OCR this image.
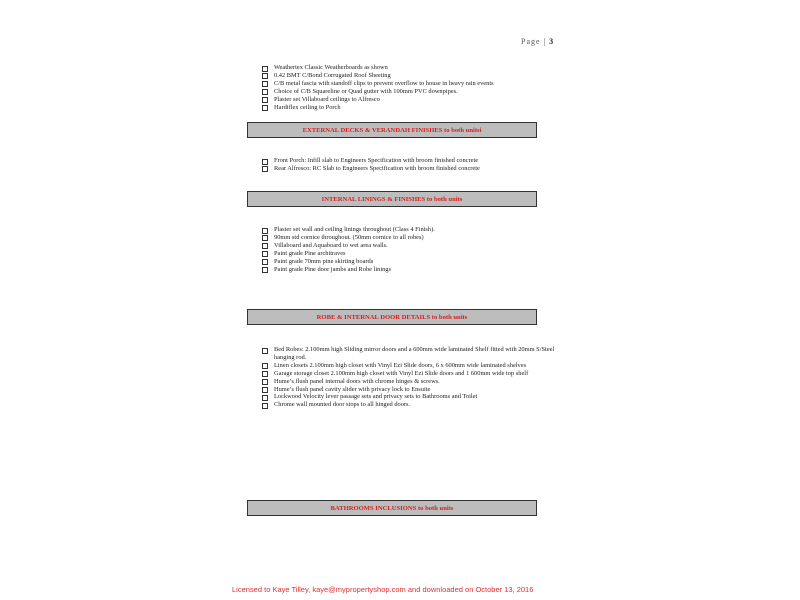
Page | 3
Weathertex Classic Weatherboards as shown
0.42 BMT C/Bond Corrugated Roof Sheeting
C/B metal fascia with standoff clips to prevent overflow to house in heavy rain events
Choice of C/B Squareline or Quad gutter with 100mm PVC downpipes.
Plaster set Villaboard ceilings to Alfresco
Hardiflex ceiling to Porch
EXTERNAL DECKS & VERANDAH FINISHES to both unitsi
Front Porch: Infill slab to Engineers Specification with broom finished concrete
Rear Alfresco: RC Slab to Engineers Specification with broom finished concrete
INTERNAL LININGS & FINISHES to both units
Plaster set wall and ceiling linings throughout (Class 4 Finish).
90mm std cornice throughout. (50mm cornice to all robes)
Villaboard and Aquaboard to wet area walls.
Paint grade Pine architraves
Paint grade 70mm pine skirting boards
Paint grade Pine door jambs and Robe linings
ROBE & INTERNAL DOOR DETAILS to both units
Bed Robes: 2.100mm high Sliding mirror doors and a 600mm wide laminated Shelf fitted with 20mm S/Steel hanging rod.
Linen closets 2.100mm high closet with Vinyl Ezi Slide doors, 6 x 600mm wide laminated shelves
Garage storage closet 2.100mm high closet with Vinyl Ezi Slide doors and 1 600mm wide top shelf
Hume’s flush panel internal doors with chrome hinges & screws.
Hume’s flush panel cavity slider with privacy lock to Ensuite
Lockwood Velocity lever passage sets and privacy sets to Bathrooms and Toilet
Chrome wall mounted door stops to all hinged doors.
BATHROOMS INCLUSIONS to both units
Licensed to Kaye Tilley, kaye@mypropertyshop.com and downloaded on October 13, 2016
